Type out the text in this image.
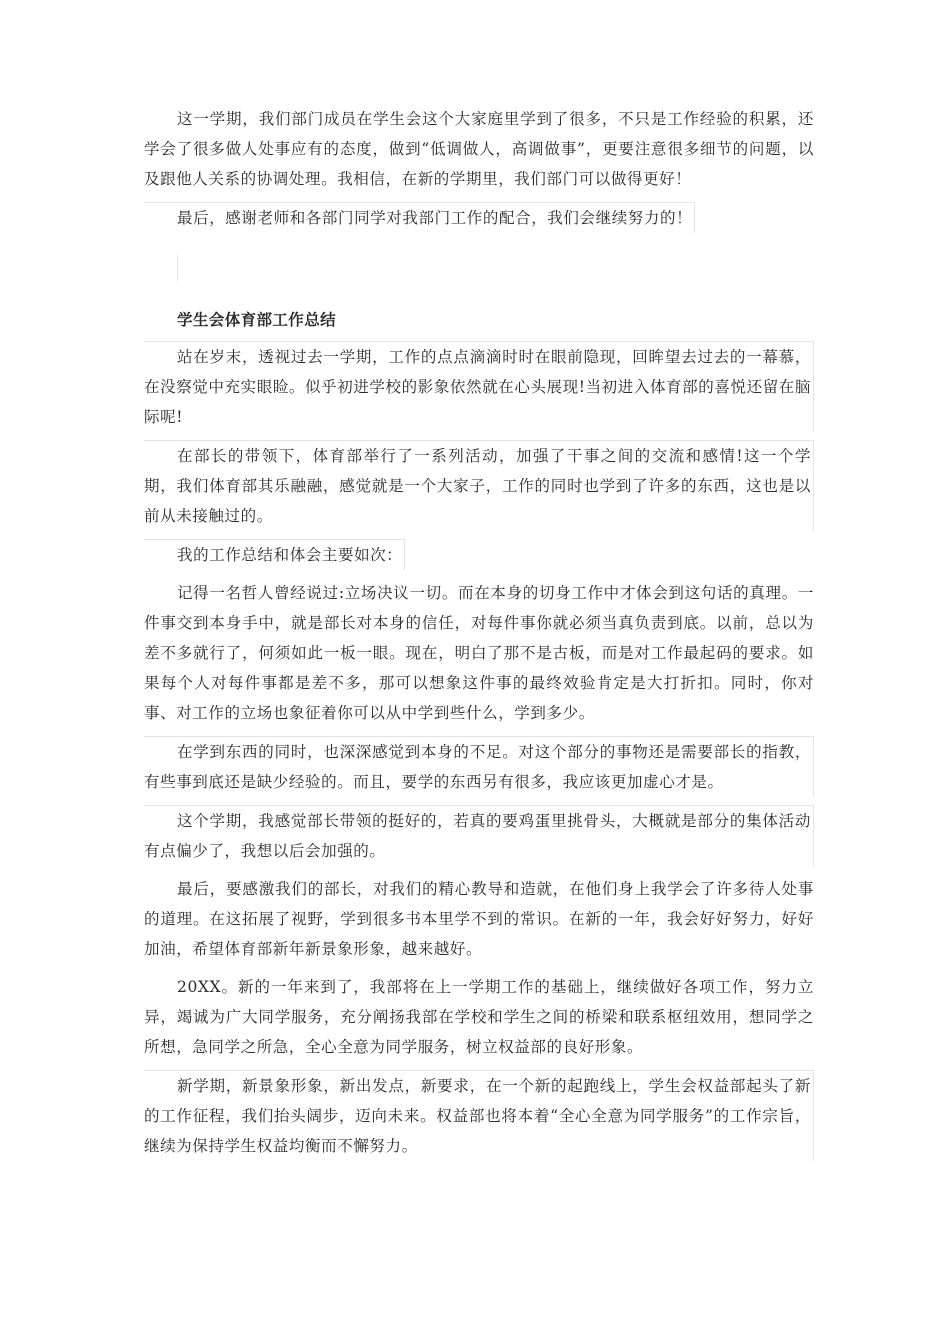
这一学期，我们部门成员在学生会这个大家庭里学到了很多，不只是工作经验的积累，还学会了很多做人处事应有的态度，做到“低调做人，高调做事”，更要注意很多细节的问题，以及跟他人关系的协调处理。我相信，在新的学期里，我们部门可以做得更好！

最后，感谢老师和各部门同学对我部门工作的配合，我们会继续努力的！

学生会体育部工作总结

站在岁末，透视过去一学期，工作的点点滴滴时时在眼前隐现，回眸望去过去的一幕慕，在没察觉中充实眼睑。似乎初进学校的影象依然就在心头展现!当初进入体育部的喜悦还留在脑际呢!

在部长的带领下，体育部举行了一系列活动，加强了干事之间的交流和感情!这一个学期，我们体育部其乐融融，感觉就是一个大家子，工作的同时也学到了许多的东西，这也是以前从未接触过的。

我的工作总结和体会主要如次：

记得一名哲人曾经说过:立场决议一切。而在本身的切身工作中才体会到这句话的真理。一件事交到本身手中，就是部长对本身的信任，对每件事你就必须当真负责到底。以前，总以为差不多就行了，何须如此一板一眼。现在，明白了那不是古板，而是对工作最起码的要求。如果每个人对每件事都是差不多，那可以想象这件事的最终效验肯定是大打折扣。同时，你对事、对工作的立场也象征着你可以从中学到些什么，学到多少。

在学到东西的同时，也深深感觉到本身的不足。对这个部分的事物还是需要部长的指教，有些事到底还是缺少经验的。而且，要学的东西另有很多，我应该更加虚心才是。

这个学期，我感觉部长带领的挺好的，若真的要鸡蛋里挑骨头，大概就是部分的集体活动有点偏少了，我想以后会加强的。

最后，要感激我们的部长，对我们的精心教导和造就，在他们身上我学会了许多待人处事的道理。在这拓展了视野，学到很多书本里学不到的常识。在新的一年，我会好好努力，好好加油，希望体育部新年新景象形象，越来越好。

20XX。新的一年来到了，我部将在上一学期工作的基础上，继续做好各项工作，努力立异，竭诚为广大同学服务，充分阐扬我部在学校和学生之间的桥梁和联系枢纽效用，想同学之所想，急同学之所急，全心全意为同学服务，树立权益部的良好形象。

新学期，新景象形象，新出发点，新要求，在一个新的起跑线上，学生会权益部起头了新的工作征程，我们抬头阔步，迈向未来。权益部也将本着“全心全意为同学服务”的工作宗旨，继续为保持学生权益均衡而不懈努力。
